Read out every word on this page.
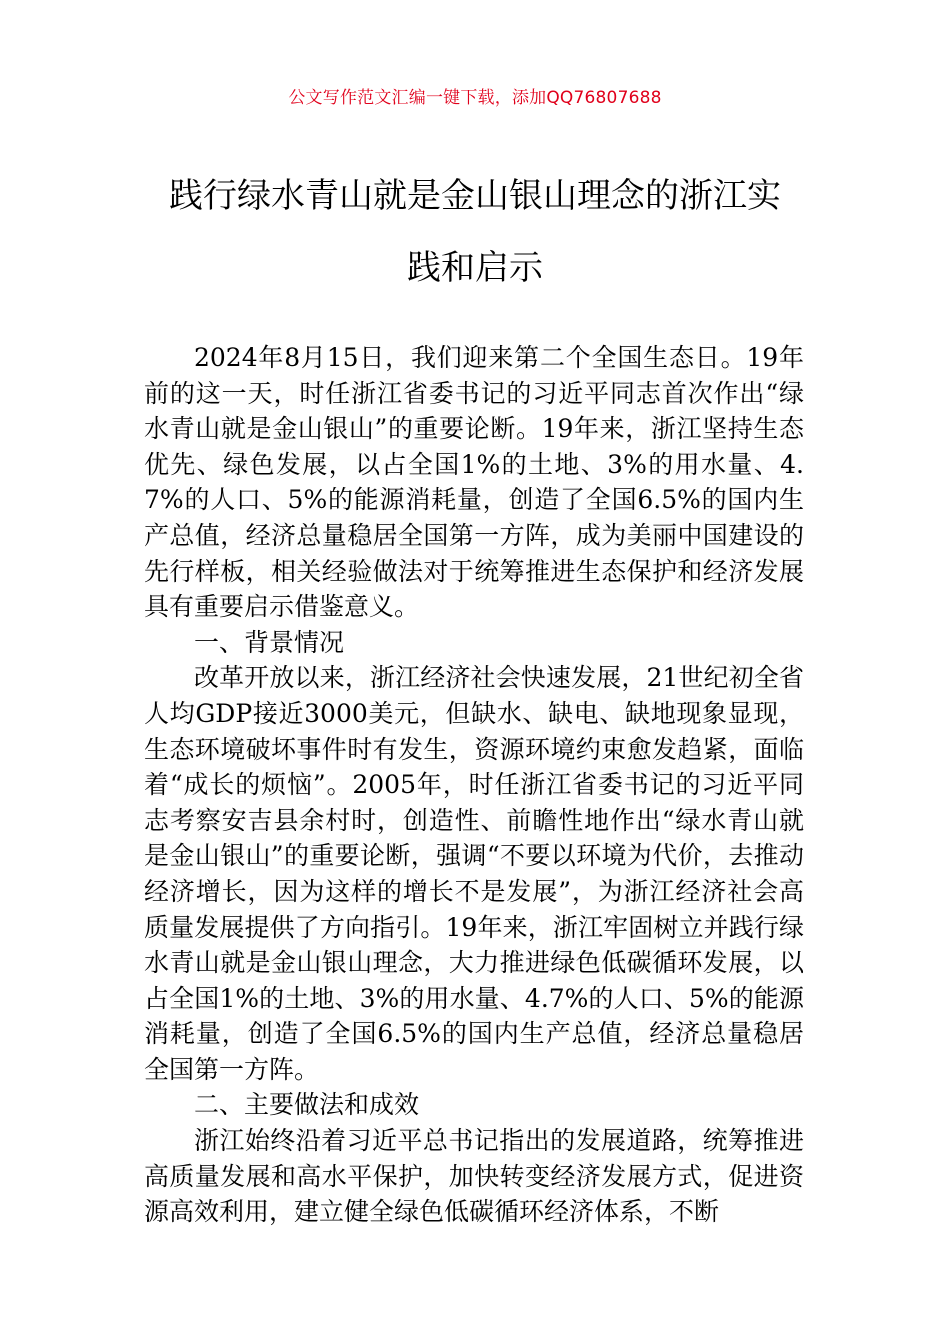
公文写作范文汇编一键下载，添加QQ76807688
践行绿水青山就是金山银山理念的浙江实
践和启示

2024年8月15日，我们迎来第二个全国生态日。19年前的这一天，时任浙江省委书记的习近平同志首次作出“绿水青山就是金山银山”的重要论断。19年来，浙江坚持生态优先、绿色发展，以占全国1%的土地、3%的用水量、4.7%的人口、5%的能源消耗量，创造了全国6.5%的国内生产总值，经济总量稳居全国第一方阵，成为美丽中国建设的先行样板，相关经验做法对于统筹推进生态保护和经济发展具有重要启示借鉴意义。

一、背景情况

改革开放以来，浙江经济社会快速发展，21世纪初全省人均GDP接近3000美元，但缺水、缺电、缺地现象显现，生态环境破坏事件时有发生，资源环境约束愈发趋紧，面临着“成长的烦恼”。2005年，时任浙江省委书记的习近平同志考察安吉县余村时，创造性、前瞻性地作出“绿水青山就是金山银山”的重要论断，强调“不要以环境为代价，去推动经济增长，因为这样的增长不是发展”，为浙江经济社会高质量发展提供了方向指引。19年来，浙江牢固树立并践行绿水青山就是金山银山理念，大力推进绿色低碳循环发展，以占全国1%的土地、3%的用水量、4.7%的人口、5%的能源消耗量，创造了全国6.5%的国内生产总值，经济总量稳居全国第一方阵。

二、主要做法和成效

浙江始终沿着习近平总书记指出的发展道路，统筹推进高质量发展和高水平保护，加快转变经济发展方式，促进资源高效利用，建立健全绿色低碳循环经济体系，不断
